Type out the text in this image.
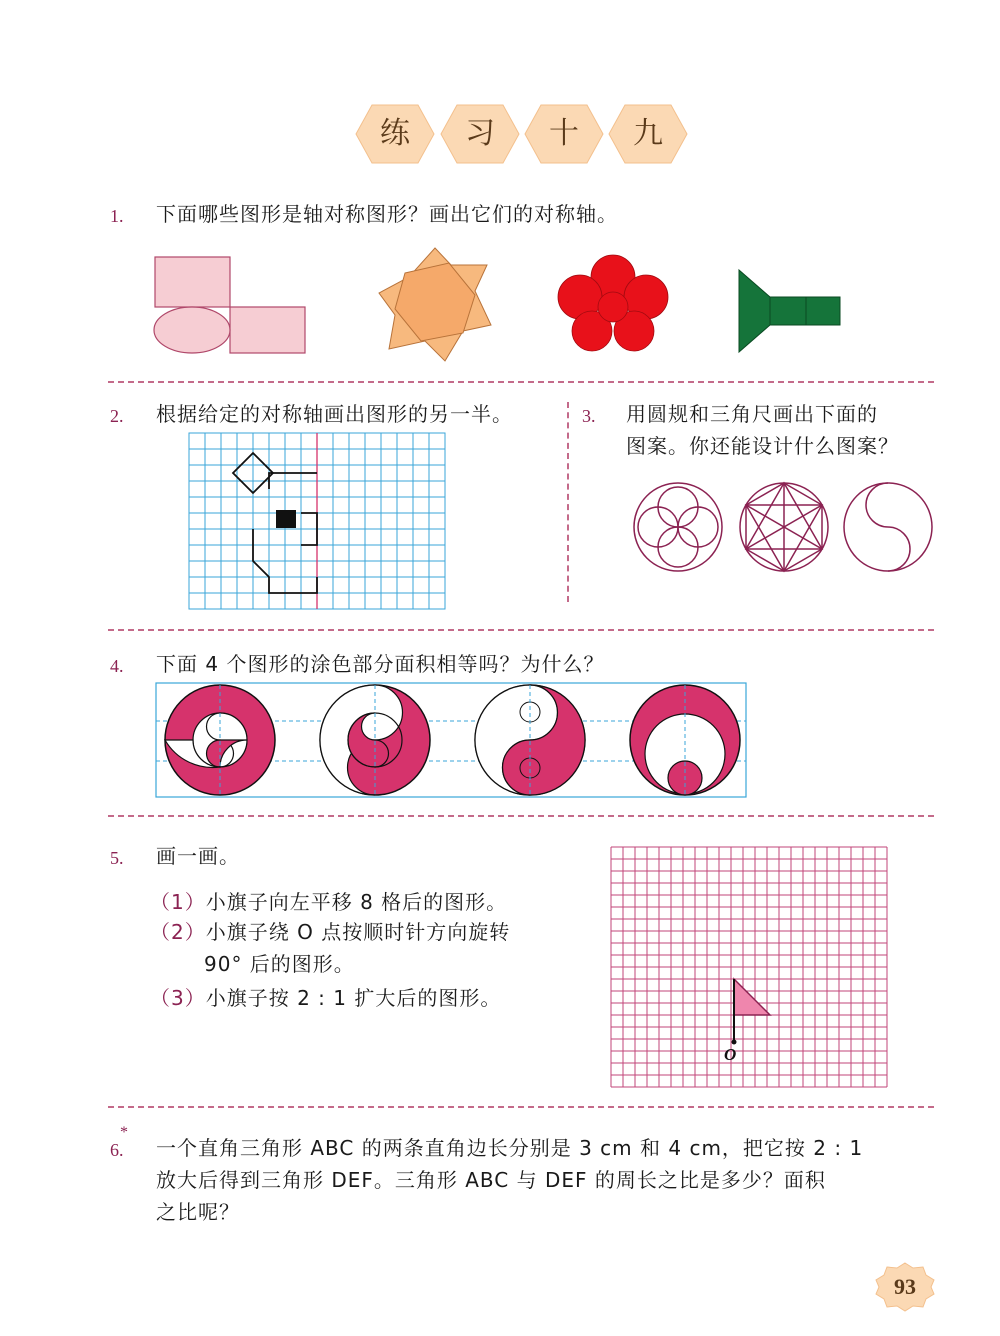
练	习	十	九
1. 下面哪些图形是轴对称图形？画出它们的对称轴。
2. 根据给定的对称轴画出图形的另一半。	3. 用圆规和三角尺画出下面的
图案。你还能设计什么图案？
4. 下面 4 个图形的涂色部分面积相等吗？为什么？
5. 画一画。
（1）小旗子向左平移 8 格后的图形。
（2）小旗子绕 O 点按顺时针方向旋转
90° 后的图形。
（3）小旗子按 2 : 1 扩大后的图形。
O
6.
*
一个直角三角形 ABC 的两条直角边长分别是 3 cm 和 4 cm，把它按 2 : 1
放大后得到三角形 DEF。三角形 ABC 与 DEF 的周长之比是多少？面积
之比呢？
93
